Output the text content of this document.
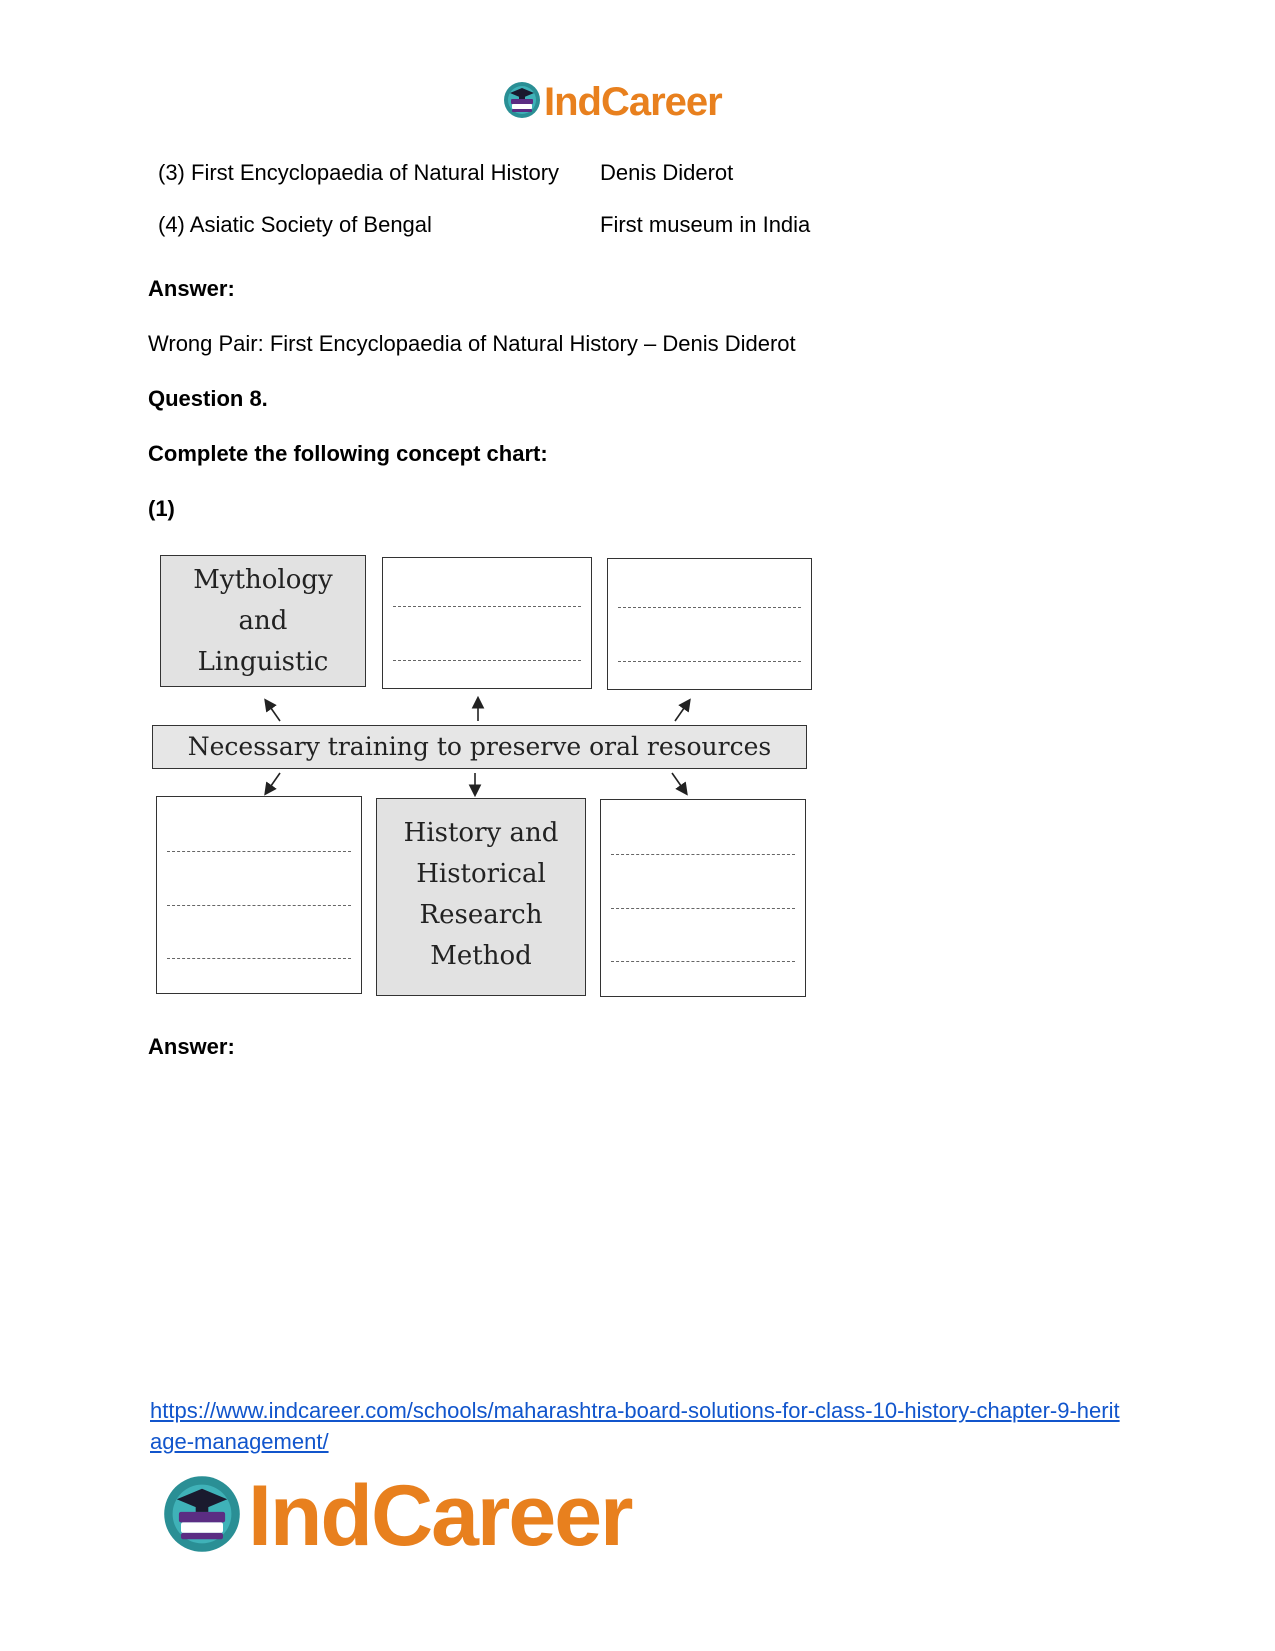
IndCareer
(3) First Encyclopaedia of Natural History Denis Diderot
(4) Asiatic Society of Bengal	First museum in India
Answer:
Wrong Pair: First Encyclopaedia of Natural History – Denis Diderot
Question 8.
Complete the following concept chart:
(1)
Mythology
and
Linguistic
Necessary training to preserve oral resources
History and
Historical
Research
Method
Answer:
https://www.indcareer.com/schools/maharashtra-board-solutions-for-class-10-history-chapter-9-heritage-management/
IndCareer
